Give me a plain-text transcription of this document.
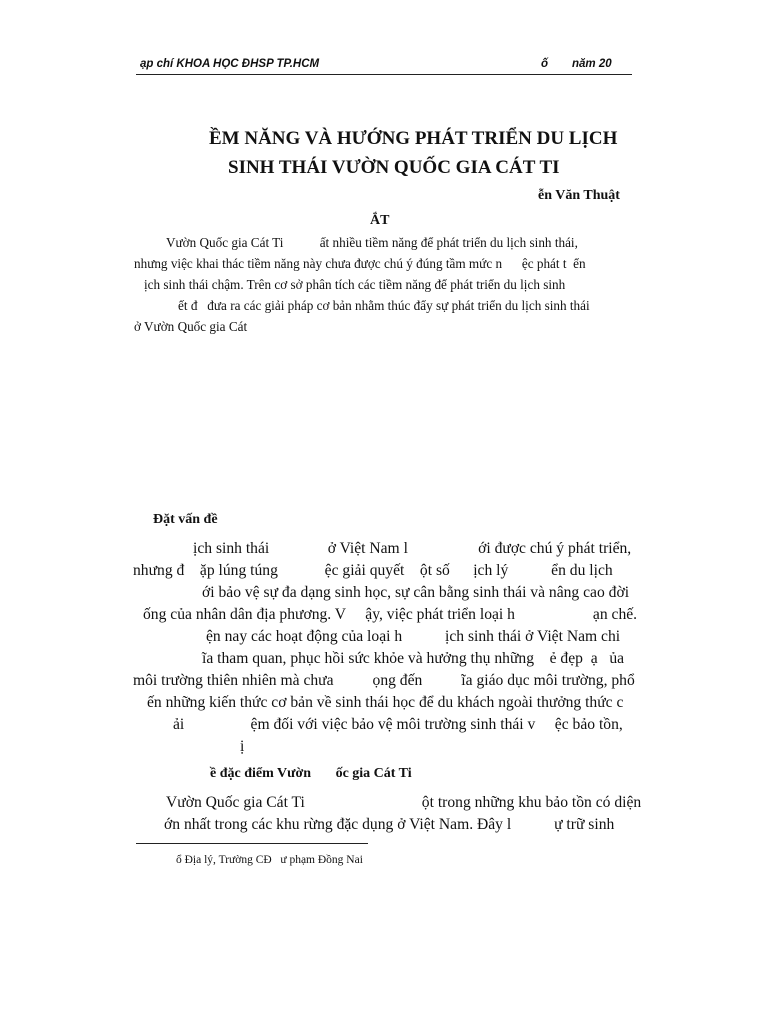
ạp chí KHOA HỌC ĐHSP TP.HCM	ố năm 20
ỀM NĂNG VÀ HƯỚNG PHÁT TRIỂN DU LỊCH
SINH THÁI VƯỜN QUỐC GIA CÁT TI
ễn Văn Thuật
ẮT
Vườn Quốc gia Cát Ti           ất nhiều tiềm năng để phát triển du lịch sinh thái,
nhưng việc khai thác tiềm năng này chưa được chú ý đúng tầm mức n      ệc phát t  ển
ịch sinh thái chậm. Trên cơ sở phân tích các tiềm năng để phát triển du lịch sinh
ết đ   đưa ra các giải pháp cơ bản nhằm thúc đẩy sự phát triển du lịch sinh thái
ở Vườn Quốc gia Cát
Đặt vấn đề
ịch sinh thái               ở Việt Nam l                  ới được chú ý phát triển,
nhưng đ    ặp lúng túng            ệc giải quyết    ột số      ịch lý           ển du lịch
ới bảo vệ sự đa dạng sinh học, sự cân bằng sinh thái và nâng cao đời
ống của nhân dân địa phương. V     ậy, việc phát triển loại h                    ạn chế.
ện nay các hoạt động của loại h           ịch sinh thái ở Việt Nam chi
ĩa tham quan, phục hồi sức khỏe và hưởng thụ những    ẻ đẹp  ạ   ủa
môi trường thiên nhiên mà chưa          ọng đến          ĩa giáo dục môi trường, phổ
ến những kiến thức cơ bản về sinh thái học để du khách ngoài thưởng thức c
ải                 ệm đối với việc bảo vệ môi trường sinh thái v     ệc bảo tồn,
ị
ề đặc điểm Vườn       ốc gia Cát Ti
Vườn Quốc gia Cát Ti                              ột trong những khu bảo tồn có diện
ớn nhất trong các khu rừng đặc dụng ở Việt Nam. Đây l           ự trữ sinh
ổ Địa lý, Trường CĐ   ư phạm Đồng Nai
